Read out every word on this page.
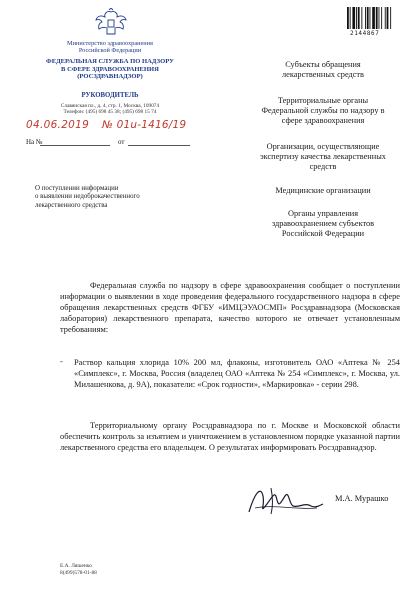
Министерство здравоохранения
Российской Федерации
ФЕДЕРАЛЬНАЯ СЛУЖБА ПО НАДЗОРУ
В СФЕРЕ ЗДРАВООХРАНЕНИЯ
(РОСЗДРАВНАДЗОР)
РУКОВОДИТЕЛЬ
Славянская пл., д. 4, стр. 1, Москва, 109074
Телефон: (495) 698 45 38; (495) 698 15 74
04.06.2019 № 01u-1416/19
На №	от
О поступлении информации
о выявлении недоброкачественного
лекарственного средства
2144867
Субъекты обращения
лекарственных средств
Территориальные органы
Федеральной службы по надзору в
сфере здравоохранения
Организации, осуществляющие
экспертизу качества лекарственных
средств
Медицинские организации
Органы управления
здравоохранением субъектов
Российской Федерации
Федеральная служба по надзору в сфере здравоохранения сообщает о поступлении информации о выявлении в ходе проведения федерального государственного надзора в сфере обращения лекарственных средств ФГБУ «ИМЦЭУАОСМП» Росздравнадзора (Московская лаборатория) лекарственного препарата, качество которого не отвечает установленным требованиям:
- Раствор кальция хлорида 10% 200 мл, флаконы, изготовитель ОАО «Аптека № 254 «Симплекс», г. Москва, Россия (владелец ОАО «Аптека № 254 «Симплекс», г. Москва, ул. Милашенкова, д. 9А), показатели: «Срок годности», «Маркировка» - серии 298.
Территориальному органу Росздравнадзора по г. Москве и Московской области обеспечить контроль за изъятием и уничтожением в установленном порядке указанной партии лекарственного средства его владельцем. О результатах информировать Росздравнадзор.
М.А. Мурашко
Е.А. Ляшенко
8(499)578-01-88
